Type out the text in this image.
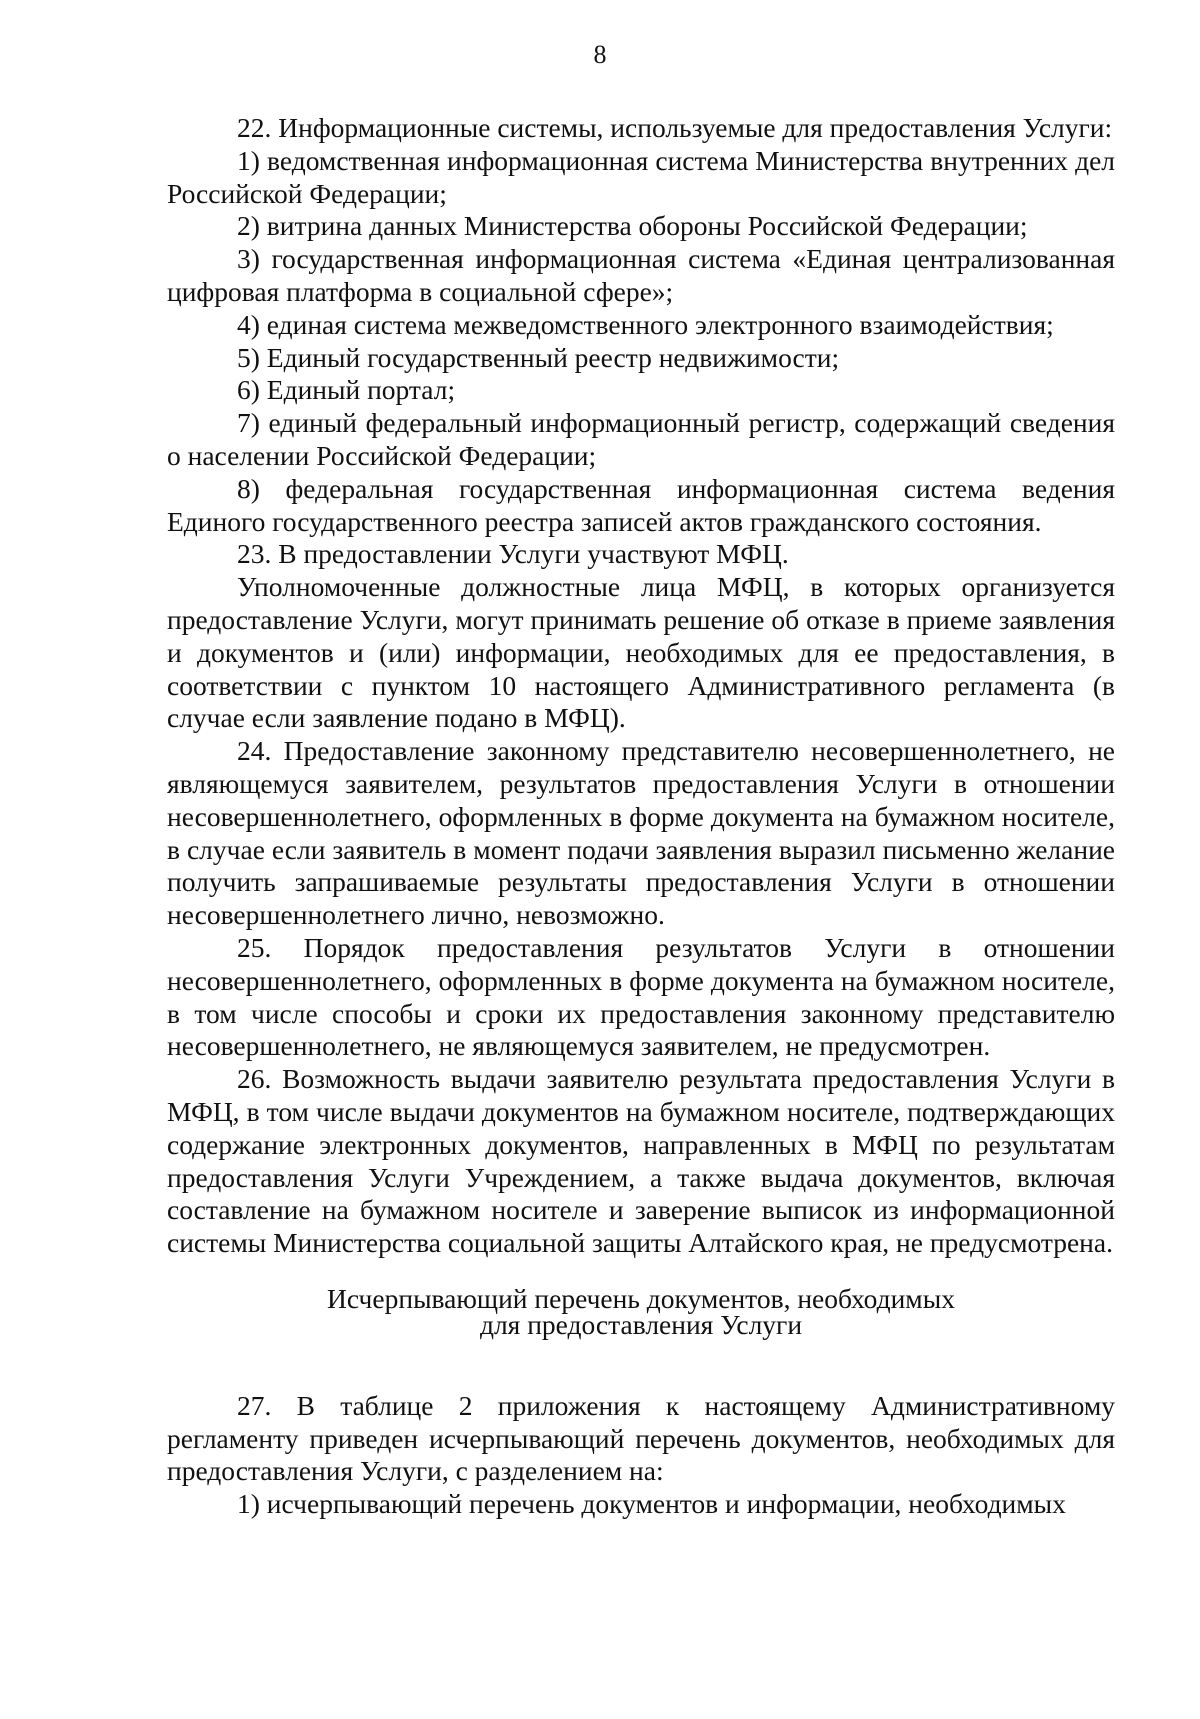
8

22. Информационные системы, используемые для предоставления Услуги:

1) ведомственная информационная система Министерства внутренних дел Российской Федерации;

2) витрина данных Министерства обороны Российской Федерации;

3) государственная информационная система «Единая централизованная цифровая платформа в социальной сфере»;

4) единая система межведомственного электронного взаимодействия;

5) Единый государственный реестр недвижимости;

6) Единый портал;

7) единый федеральный информационный регистр, содержащий сведения о населении Российской Федерации;

8) федеральная государственная информационная система ведения Единого государственного реестра записей актов гражданского состояния.

23. В предоставлении Услуги участвуют МФЦ.

Уполномоченные должностные лица МФЦ, в которых организуется предоставление Услуги, могут принимать решение об отказе в приеме заявления и документов и (или) информации, необходимых для ее предоставления, в соответствии с пунктом 10 настоящего Административного регламента (в случае если заявление подано в МФЦ).

24. Предоставление законному представителю несовершеннолетнего, не являющемуся заявителем, результатов предоставления Услуги в отношении несовершеннолетнего, оформленных в форме документа на бумажном носителе, в случае если заявитель в момент подачи заявления выразил письменно желание получить запрашиваемые результаты предоставления Услуги в отношении несовершеннолетнего лично, невозможно.

25. Порядок предоставления результатов Услуги в отношении несовершеннолетнего, оформленных в форме документа на бумажном носителе, в том числе способы и сроки их предоставления законному представителю несовершеннолетнего, не являющемуся заявителем, не предусмотрен.

26. Возможность выдачи заявителю результата предоставления Услуги в МФЦ, в том числе выдачи документов на бумажном носителе, подтверждающих содержание электронных документов, направленных в МФЦ по результатам предоставления Услуги Учреждением, а также выдача документов, включая составление на бумажном носителе и заверение выписок из информационной системы Министерства социальной защиты Алтайского края, не предусмотрена.

Исчерпывающий перечень документов, необходимых
для предоставления Услуги

27. В таблице 2 приложения к настоящему Административному регламенту приведен исчерпывающий перечень документов, необходимых для предоставления Услуги, с разделением на:

1) исчерпывающий перечень документов и информации, необходимых
